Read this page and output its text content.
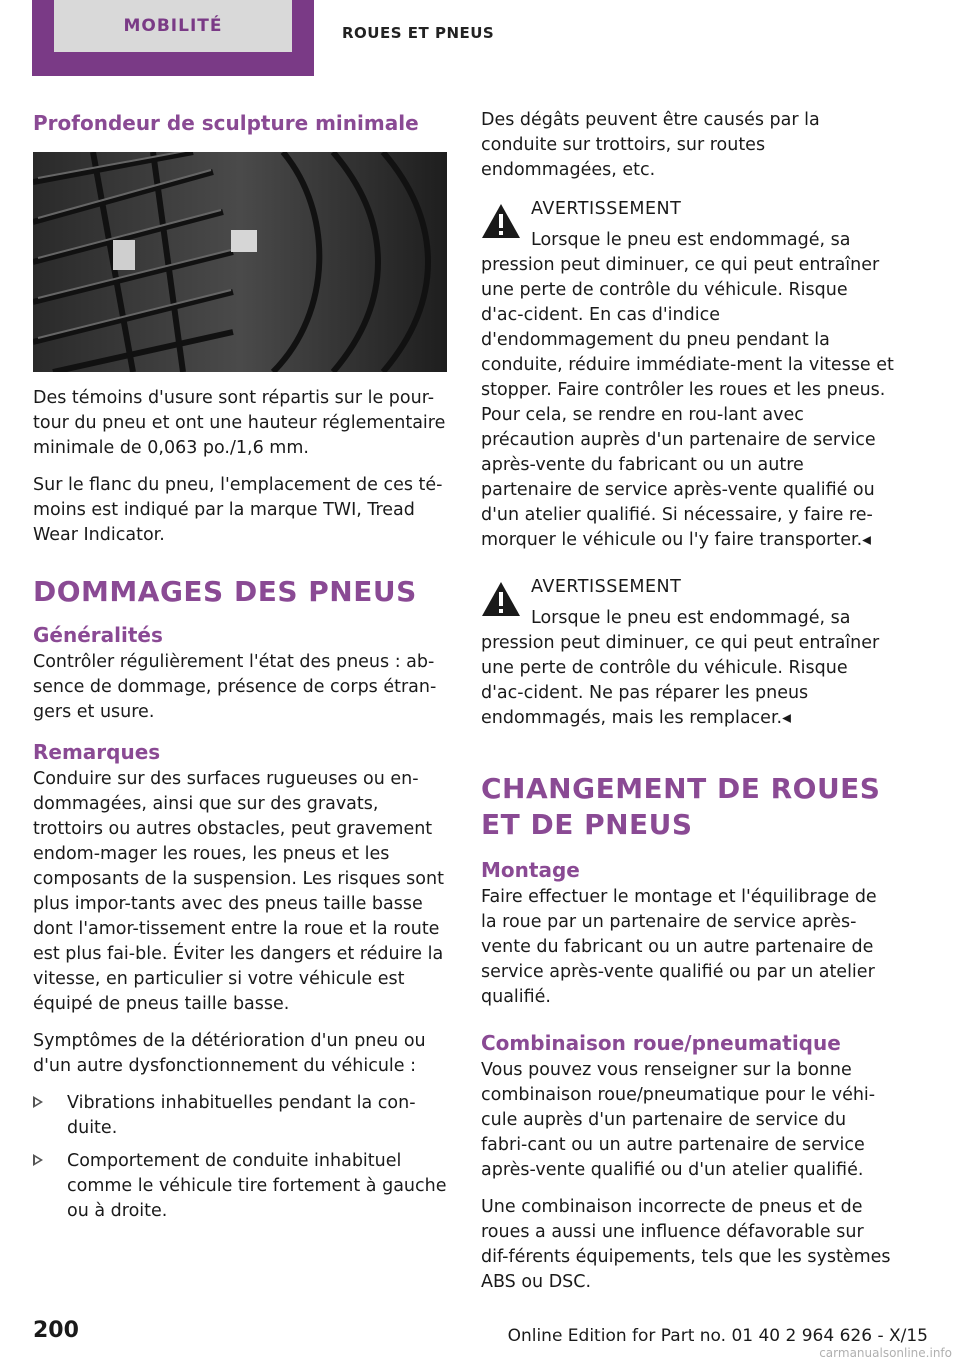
MOBILITÉ	ROUES ET PNEUS
Profondeur de sculpture minimale

Des témoins d'usure sont répartis sur le pour-tour du pneu et ont une hauteur réglementaire minimale de 0,063 po./1,6 mm.

Sur le flanc du pneu, l'emplacement de ces té-moins est indiqué par la marque TWI, Tread Wear Indicator.

DOMMAGES DES PNEUS
Généralités

Contrôler régulièrement l'état des pneus : ab-sence de dommage, présence de corps étran-gers et usure.

Remarques

Conduire sur des surfaces rugueuses ou en-dommagées, ainsi que sur des gravats, trottoirs ou autres obstacles, peut gravement endom-mager les roues, les pneus et les composants de la suspension. Les risques sont plus impor-tants avec des pneus taille basse dont l'amor-tissement entre la roue et la route est plus fai-ble. Éviter les dangers et réduire la vitesse, en particulier si votre véhicule est équipé de pneus taille basse.

Symptômes de la détérioration d'un pneu ou d'un autre dysfonctionnement du véhicule :

Vibrations inhabituelles pendant la con-duite.
Comportement de conduite inhabituel comme le véhicule tire fortement à gauche ou à droite.

Des dégâts peuvent être causés par la conduite sur trottoirs, sur routes endommagées, etc.

AVERTISSEMENT

Lorsque le pneu est endommagé, sa pression peut diminuer, ce qui peut entraîner une perte de contrôle du véhicule. Risque d'ac-cident. En cas d'indice d'endommagement du pneu pendant la conduite, réduire immédiate-ment la vitesse et stopper. Faire contrôler les roues et les pneus. Pour cela, se rendre en rou-lant avec précaution auprès d'un partenaire de service après-vente du fabricant ou un autre partenaire de service après-vente qualifié ou d'un atelier qualifié. Si nécessaire, y faire re-morquer le véhicule ou l'y faire transporter.◂

AVERTISSEMENT

Lorsque le pneu est endommagé, sa pression peut diminuer, ce qui peut entraîner une perte de contrôle du véhicule. Risque d'ac-cident. Ne pas réparer les pneus endommagés, mais les remplacer.◂

CHANGEMENT DE ROUES ET DE PNEUS
Montage

Faire effectuer le montage et l'équilibrage de la roue par un partenaire de service après-vente du fabricant ou un autre partenaire de service après-vente qualifié ou par un atelier qualifié.

Combinaison roue/pneumatique

Vous pouvez vous renseigner sur la bonne combinaison roue/pneumatique pour le véhi-cule auprès d'un partenaire de service du fabri-cant ou un autre partenaire de service après-vente qualifié ou d'un atelier qualifié.

Une combinaison incorrecte de pneus et de roues a aussi une influence défavorable sur dif-férents équipements, tels que les systèmes ABS ou DSC.

200	Online Edition for Part no. 01 40 2 964 626 - X/15
carmanualsonline.info
